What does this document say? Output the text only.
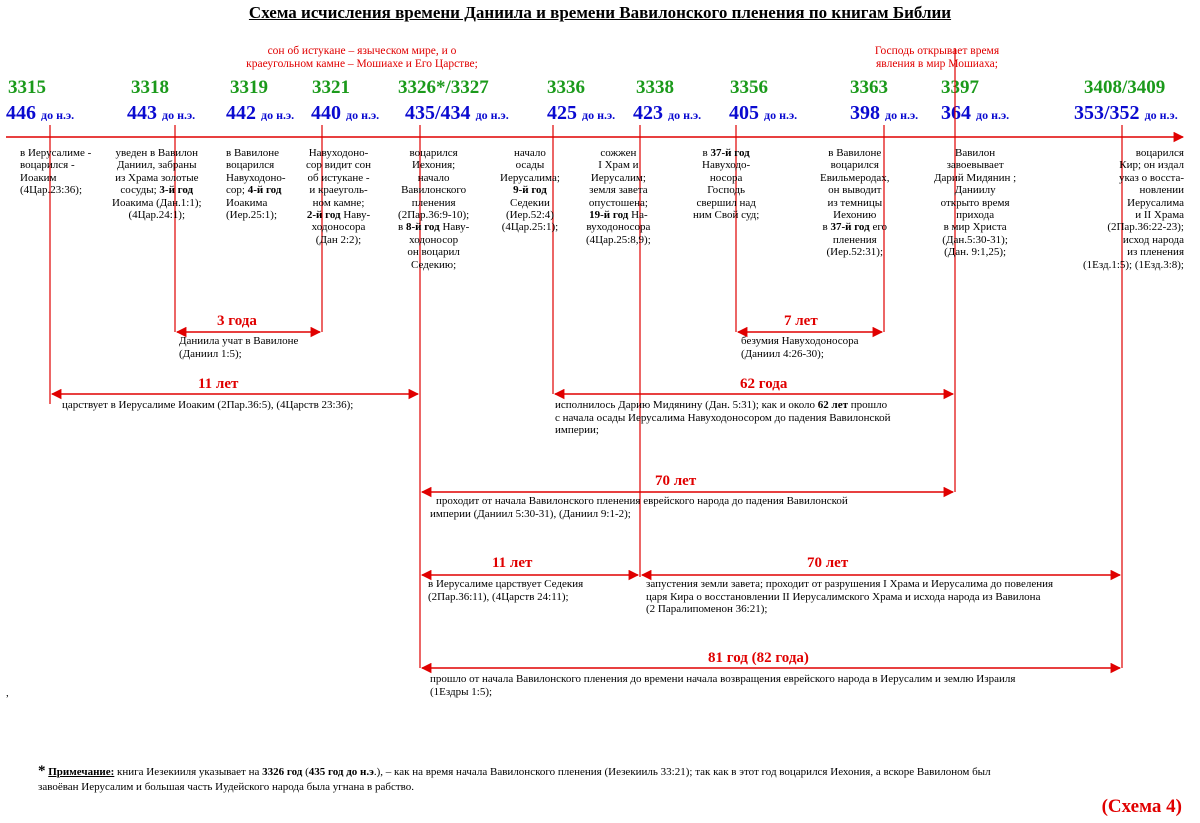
Схема исчисления времени Даниила и времени Вавилонского пленения по книгам Библии
сон об истукане – языческом мире, и о
краеугольном камне – Мошиахе и Его Царстве;
Господь открывает время
явления в мир Мошиаха;
3315	3318	3319 3321	3326*/3327	3336	3338	3356	3363	3397	3408/3409
446 до н.э.	443 до н.э. 442 до н.э. 440 до н.э. 435/434 до н.э. 425 до н.э. 423 до н.э. 405 до н.э.	398 до н.э. 364 до н.э.	353/352 до н.э.
в Иерусалиме -
воцарился -
Иоаким
(4Цар.23:36);
уведен в Вавилон
Даниил, забраны
из Храма золотые
сосуды; 3-й год
Иоакима (Дан.1:1);
(4Цар.24:1);
в Вавилоне
воцарился
Навуходоно-
сор; 4-й год
Иоакима
(Иер.25:1);
Навуходоно-
сор видит сон
об истукане -
и краеуголь-
ном камне;
2-й год Наву-
ходоносора
(Дан 2:2);
воцарился
Иехония;
начало
Вавилонского
пленения
(2Пар.36:9-10);
в 8-й год Наву-
ходоносор
он воцарил
Седекию;
начало
осады
Иерусалима;
9-й год
Седекии
(Иер.52:4)
(4Цар.25:1);
сожжен
I Храм и
Иерусалим;
земля завета
опустошена;
19-й год На-
вуходоносора
(4Цар.25:8,9);
в 37-й год
Навуходо-
носора
Господь
свершил над
ним Свой суд;
в Вавилоне
воцарился
Евильмеродах,
он выводит
из темницы
Иехонию
в 37-й год его
пленения
(Иер.52:31);
Вавилон
завоевывает
Дарий Мидянин ;
Даниилу
открыто время
прихода
в мир Христа
(Дан.5:30-31);
(Дан. 9:1,25);
воцарился
Кир; он издал
указ о восста-
новлении
Иерусалима
и II Храма
(2Пар.36:22-23);
исход народа
из пленения
(1Езд.1:5); (1Езд.3:8);
3 года
Даниила учат в Вавилоне
(Даниил 1:5);
7 лет
безумия Навуходоносора
(Даниил 4:26-30);
11 лет
царствует в Иерусалиме Иоаким (2Пар.36:5), (4Царств 23:36);
62 года
исполнилось Дарию Мидянину (Дан. 5:31); как и около 62 лет прошло
с начала осады Иерусалима Навуходоносором до падения Вавилонской
империи;
70 лет
проходит от начала Вавилонского пленения еврейского народа до падения Вавилонской
империи (Даниил 5:30-31), (Даниил 9:1-2);
11 лет
в Иерусалиме царствует Седекия
(2Пар.36:11), (4Царств 24:11);
70 лет
запустения земли завета; проходит от разрушения I Храма и Иерусалима до повеления
царя Кира о восстановлении II Иерусалимского Храма и исхода народа из Вавилона
(2 Паралипоменон 36:21);
81 год (82 года)
прошло от начала Вавилонского пленения до времени начала возвращения еврейского народа в Иерусалим и землю Израиля
(1Ездры 1:5);
,
* Примечание: книга Иезекииля указывает на 3326 год (435 год до н.э.), – как на время начала Вавилонского пленения (Иезекииль 33:21); так как в этот год воцарился Иехония, а вскоре Вавилоном был
завоёван Иерусалим и большая часть Иудейского народа была угнана в рабство.
(Схема 4)
